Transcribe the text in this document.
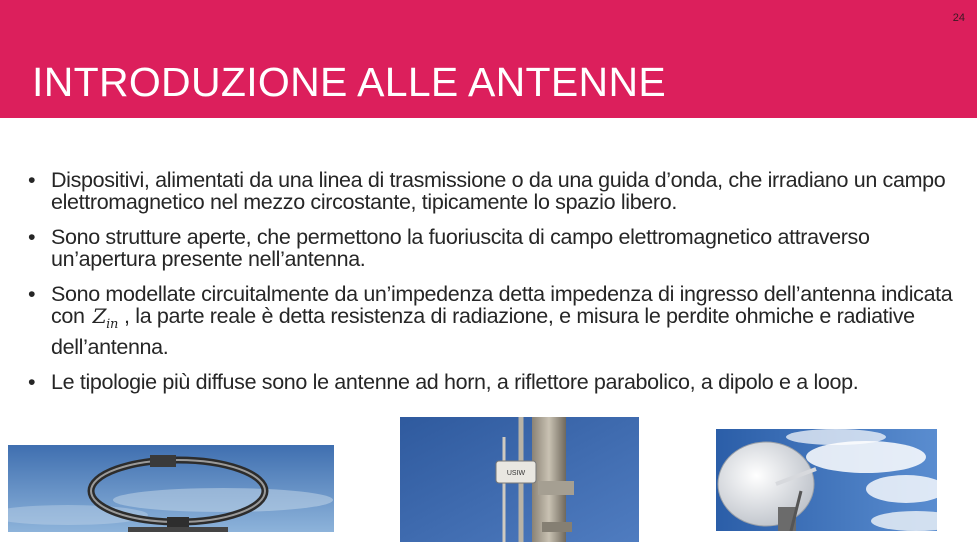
24
INTRODUZIONE ALLE ANTENNE
• Dispositivi, alimentati da una linea di trasmissione o da una guida d’onda, che irradiano un campo elettromagnetico nel mezzo circostante, tipicamente lo spazio libero.
• Sono strutture aperte, che permettono la fuoriuscita di campo elettromagnetico attraverso un’apertura presente nell’antenna.
• Sono modellate circuitalmente da un’impedenza detta impedenza di ingresso dell’antenna indicata con $Z_{in}$ , la parte reale è detta resistenza di radiazione, e misura le perdite ohmiche e radiative dell’antenna.
• Le tipologie più diffuse sono le antenne ad horn, a riflettore parabolico, a dipolo e a loop.
USIW
